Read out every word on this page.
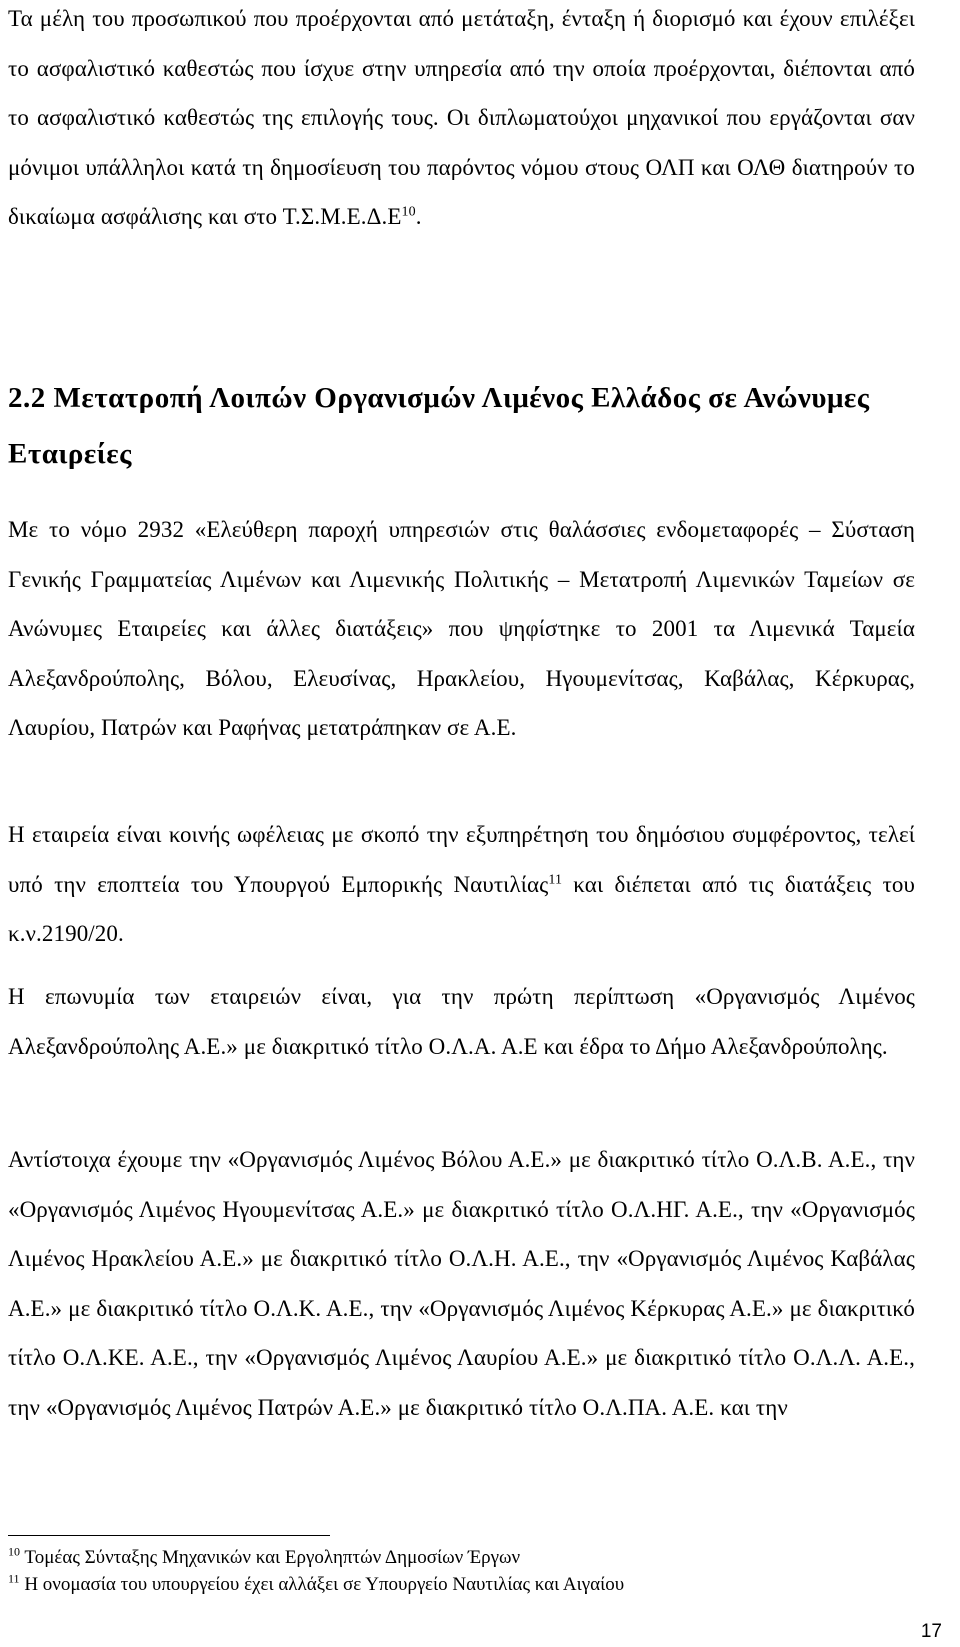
Τα μέλη του προσωπικού που προέρχονται από μετάταξη, ένταξη ή διορισμό και έχουν επιλέξει το ασφαλιστικό καθεστώς που ίσχυε στην υπηρεσία από την οποία προέρχονται, διέπονται από το ασφαλιστικό καθεστώς της επιλογής τους. Οι διπλωματούχοι μηχανικοί που εργάζονται σαν μόνιμοι υπάλληλοι κατά τη δημοσίευση του παρόντος νόμου στους ΟΛΠ και ΟΛΘ διατηρούν το δικαίωμα ασφάλισης και στο $T.\Sigma.M.E.\Delta.E^{10}$.

2.2 Μετατροπή Λοιπών Οργανισμών Λιμένος Ελλάδος σε Ανώνυμες Εταιρείες

Με το νόμο 2932 «Ελεύθερη παροχή υπηρεσιών στις θαλάσσιες ενδομεταφορές – Σύσταση Γενικής Γραμματείας Λιμένων και Λιμενικής Πολιτικής – Μετατροπή Λιμενικών Ταμείων σε Ανώνυμες Εταιρείες και άλλες διατάξεις» που ψηφίστηκε το 2001 τα Λιμενικά Ταμεία Αλεξανδρούπολης, Βόλου, Ελευσίνας, Ηρακλείου, Ηγουμενίτσας, Καβάλας, Κέρκυρας, Λαυρίου, Πατρών και Ραφήνας μετατράπηκαν σε Α.Ε.

Η εταιρεία είναι κοινής ωφέλειας με σκοπό την εξυπηρέτηση του δημόσιου συμφέροντος, τελεί υπό την εποπτεία του Υπουργού Εμπορικής Ναυτιλίας$^{11}$ και διέπεται από τις διατάξεις του κ.ν.2190/20.

Η επωνυμία των εταιρειών είναι, για την πρώτη περίπτωση «Οργανισμός Λιμένος Αλεξανδρούπολης Α.Ε.» με διακριτικό τίτλο Ο.Λ.Α. Α.Ε και έδρα το Δήμο Αλεξανδρούπολης.

Αντίστοιχα έχουμε την «Οργανισμός Λιμένος Βόλου Α.Ε.» με διακριτικό τίτλο Ο.Λ.Β. Α.Ε., την «Οργανισμός Λιμένος Ηγουμενίτσας Α.Ε.» με διακριτικό τίτλο Ο.Λ.ΗΓ. Α.Ε., την «Οργανισμός Λιμένος Ηρακλείου Α.Ε.» με διακριτικό τίτλο Ο.Λ.Η. Α.Ε., την «Οργανισμός Λιμένος Καβάλας Α.Ε.» με διακριτικό τίτλο Ο.Λ.Κ. Α.Ε., την «Οργανισμός Λιμένος Κέρκυρας Α.Ε.» με διακριτικό τίτλο Ο.Λ.ΚΕ. Α.Ε., την «Οργανισμός Λιμένος Λαυρίου Α.Ε.» με διακριτικό τίτλο Ο.Λ.Λ. Α.Ε., την «Οργανισμός Λιμένος Πατρών Α.Ε.» με διακριτικό τίτλο Ο.Λ.ΠΑ. Α.Ε. και την

$^{10}$ Τομέας Σύνταξης Μηχανικών και Εργοληπτών Δημοσίων Έργων

$^{11}$ Η ονομασία του υπουργείου έχει αλλάξει σε Υπουργείο Ναυτιλίας και Αιγαίου

17
